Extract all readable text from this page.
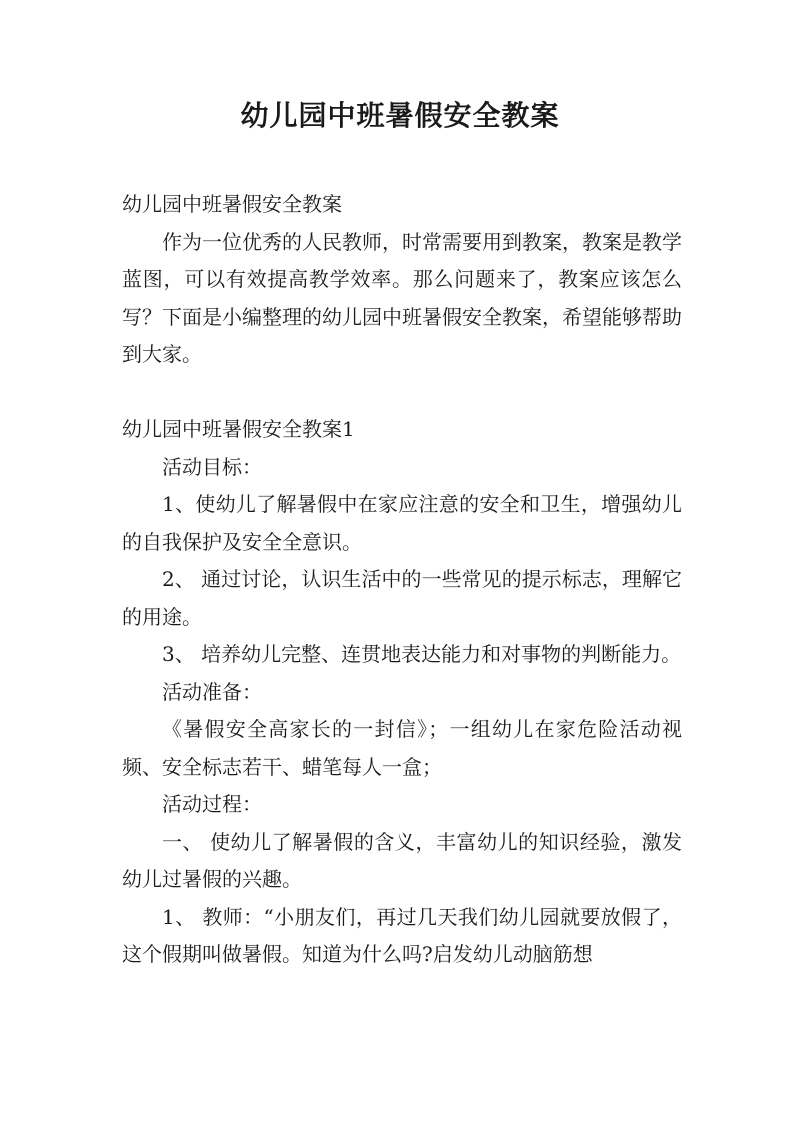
幼儿园中班暑假安全教案

幼儿园中班暑假安全教案

作为一位优秀的人民教师，时常需要用到教案，教案是教学蓝图，可以有效提高教学效率。那么问题来了，教案应该怎么写？下面是小编整理的幼儿园中班暑假安全教案，希望能够帮助到大家。

幼儿园中班暑假安全教案1

活动目标：

1、使幼儿了解暑假中在家应注意的安全和卫生，增强幼儿的自我保护及安全全意识。

2、 通过讨论，认识生活中的一些常见的提示标志，理解它的用途。

3、 培养幼儿完整、连贯地表达能力和对事物的判断能力。

活动准备：

《暑假安全高家长的一封信》；一组幼儿在家危险活动视频、安全标志若干、蜡笔每人一盒；

活动过程：

一、 使幼儿了解暑假的含义，丰富幼儿的知识经验，激发幼儿过暑假的兴趣。

1、 教师：“小朋友们，再过几天我们幼儿园就要放假了，这个假期叫做暑假。知道为什么吗?启发幼儿动脑筋想
